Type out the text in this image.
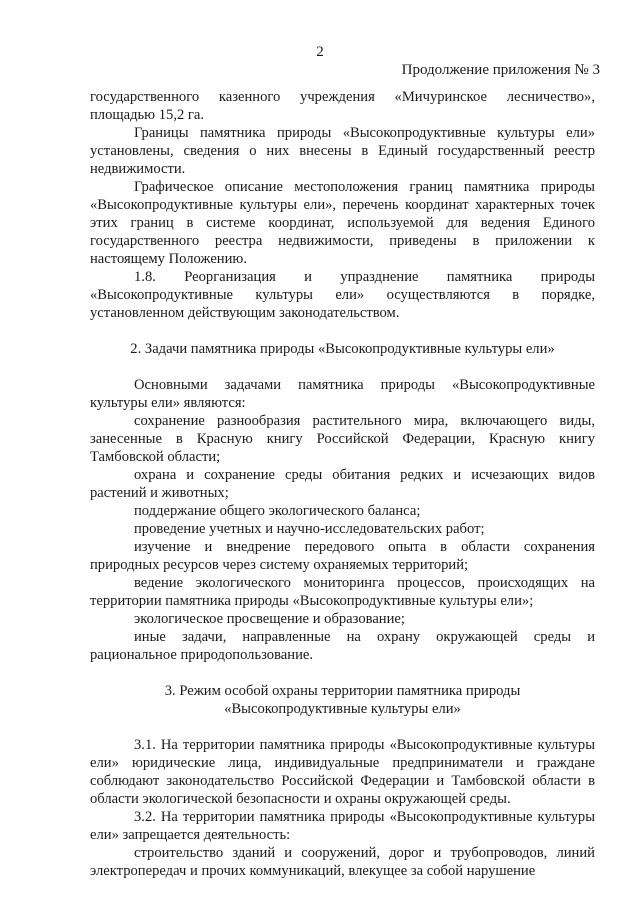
2
Продолжение приложения № 3

государственного казенного учреждения «Мичуринское лесничество», площадью 15,2 га.

Границы памятника природы «Высокопродуктивные культуры ели» установлены, сведения о них внесены в Единый государственный реестр недвижимости.

Графическое описание местоположения границ памятника природы «Высокопродуктивные культуры ели», перечень координат характерных точек этих границ в системе координат, используемой для ведения Единого государственного реестра недвижимости, приведены в приложении к настоящему Положению.

1.8. Реорганизация и упразднение памятника природы «Высокопродуктивные культуры ели» осуществляются в порядке, установленном действующим законодательством.

2. Задачи памятника природы «Высокопродуктивные культуры ели»

Основными задачами памятника природы «Высокопродуктивные культуры ели» являются:

сохранение разнообразия растительного мира, включающего виды, занесенные в Красную книгу Российской Федерации, Красную книгу Тамбовской области;

охрана и сохранение среды обитания редких и исчезающих видов растений и животных;

поддержание общего экологического баланса;

проведение учетных и научно-исследовательских работ;

изучение и внедрение передового опыта в области сохранения природных ресурсов через систему охраняемых территорий;

ведение экологического мониторинга процессов, происходящих на территории памятника природы «Высокопродуктивные культуры ели»;

экологическое просвещение и образование;

иные задачи, направленные на охрану окружающей среды и рациональное природопользование.

3. Режим особой охраны территории памятника природы

«Высокопродуктивные культуры ели»

3.1. На территории памятника природы «Высокопродуктивные культуры ели» юридические лица, индивидуальные предприниматели и граждане соблюдают законодательство Российской Федерации и Тамбовской области в области экологической безопасности и охраны окружающей среды.

3.2. На территории памятника природы «Высокопродуктивные культуры ели» запрещается деятельность:

строительство зданий и сооружений, дорог и трубопроводов, линий электропередач и прочих коммуникаций, влекущее за собой нарушение
